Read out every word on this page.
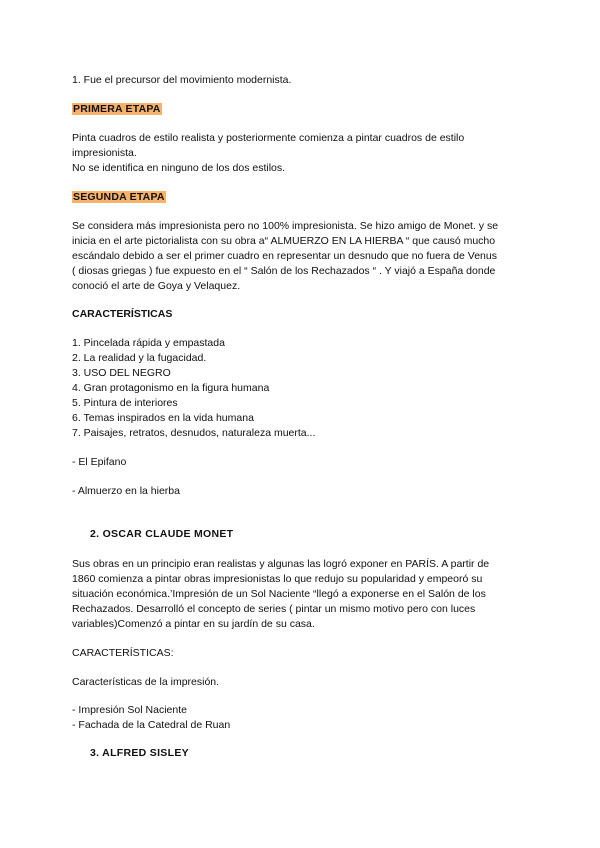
1. Fue el precursor del movimiento modernista.
PRIMERA ETAPA
Pinta cuadros de estilo realista y posteriormente comienza a pintar cuadros de estilo
impresionista.
No se identifica en ninguno de los dos estilos.
SEGUNDA ETAPA
Se considera más impresionista pero no 100% impresionista. Se hizo amigo de Monet. y se
inicia en el arte pictorialista con su obra a“ ALMUERZO EN LA HIERBA “ que causó mucho
escándalo debido a ser el primer cuadro en representar un desnudo que no fuera de Venus
( diosas griegas ) fue expuesto en el “ Salón de los Rechazados “ . Y viajó a España donde
conoció el arte de Goya y Velaquez.
CARACTERÍSTICAS
1. Pincelada rápida y empastada
2. La realidad y la fugacidad.
3. USO DEL NEGRO
4. Gran protagonismo en la figura humana
5. Pintura de interiores
6. Temas inspirados en la vida humana
7. Paisajes, retratos, desnudos, naturaleza muerta...
- El Epifano
- Almuerzo en la hierba
2. OSCAR CLAUDE MONET
Sus obras en un principio eran realistas y algunas las logró exponer en PARÍS. A partir de
1860 comienza a pintar obras impresionistas lo que redujo su popularidad y empeoró su
situación económica.’Impresión de un Sol Naciente “llegó a exponerse en el Salón de los
Rechazados. Desarrolló el concepto de series ( pintar un mismo motivo pero con luces
variables)Comenzó a pintar en su jardín de su casa.
CARACTERÍSTICAS:
Características de la impresión.
- Impresión Sol Naciente
- Fachada de la Catedral de Ruan
3. ALFRED SISLEY
